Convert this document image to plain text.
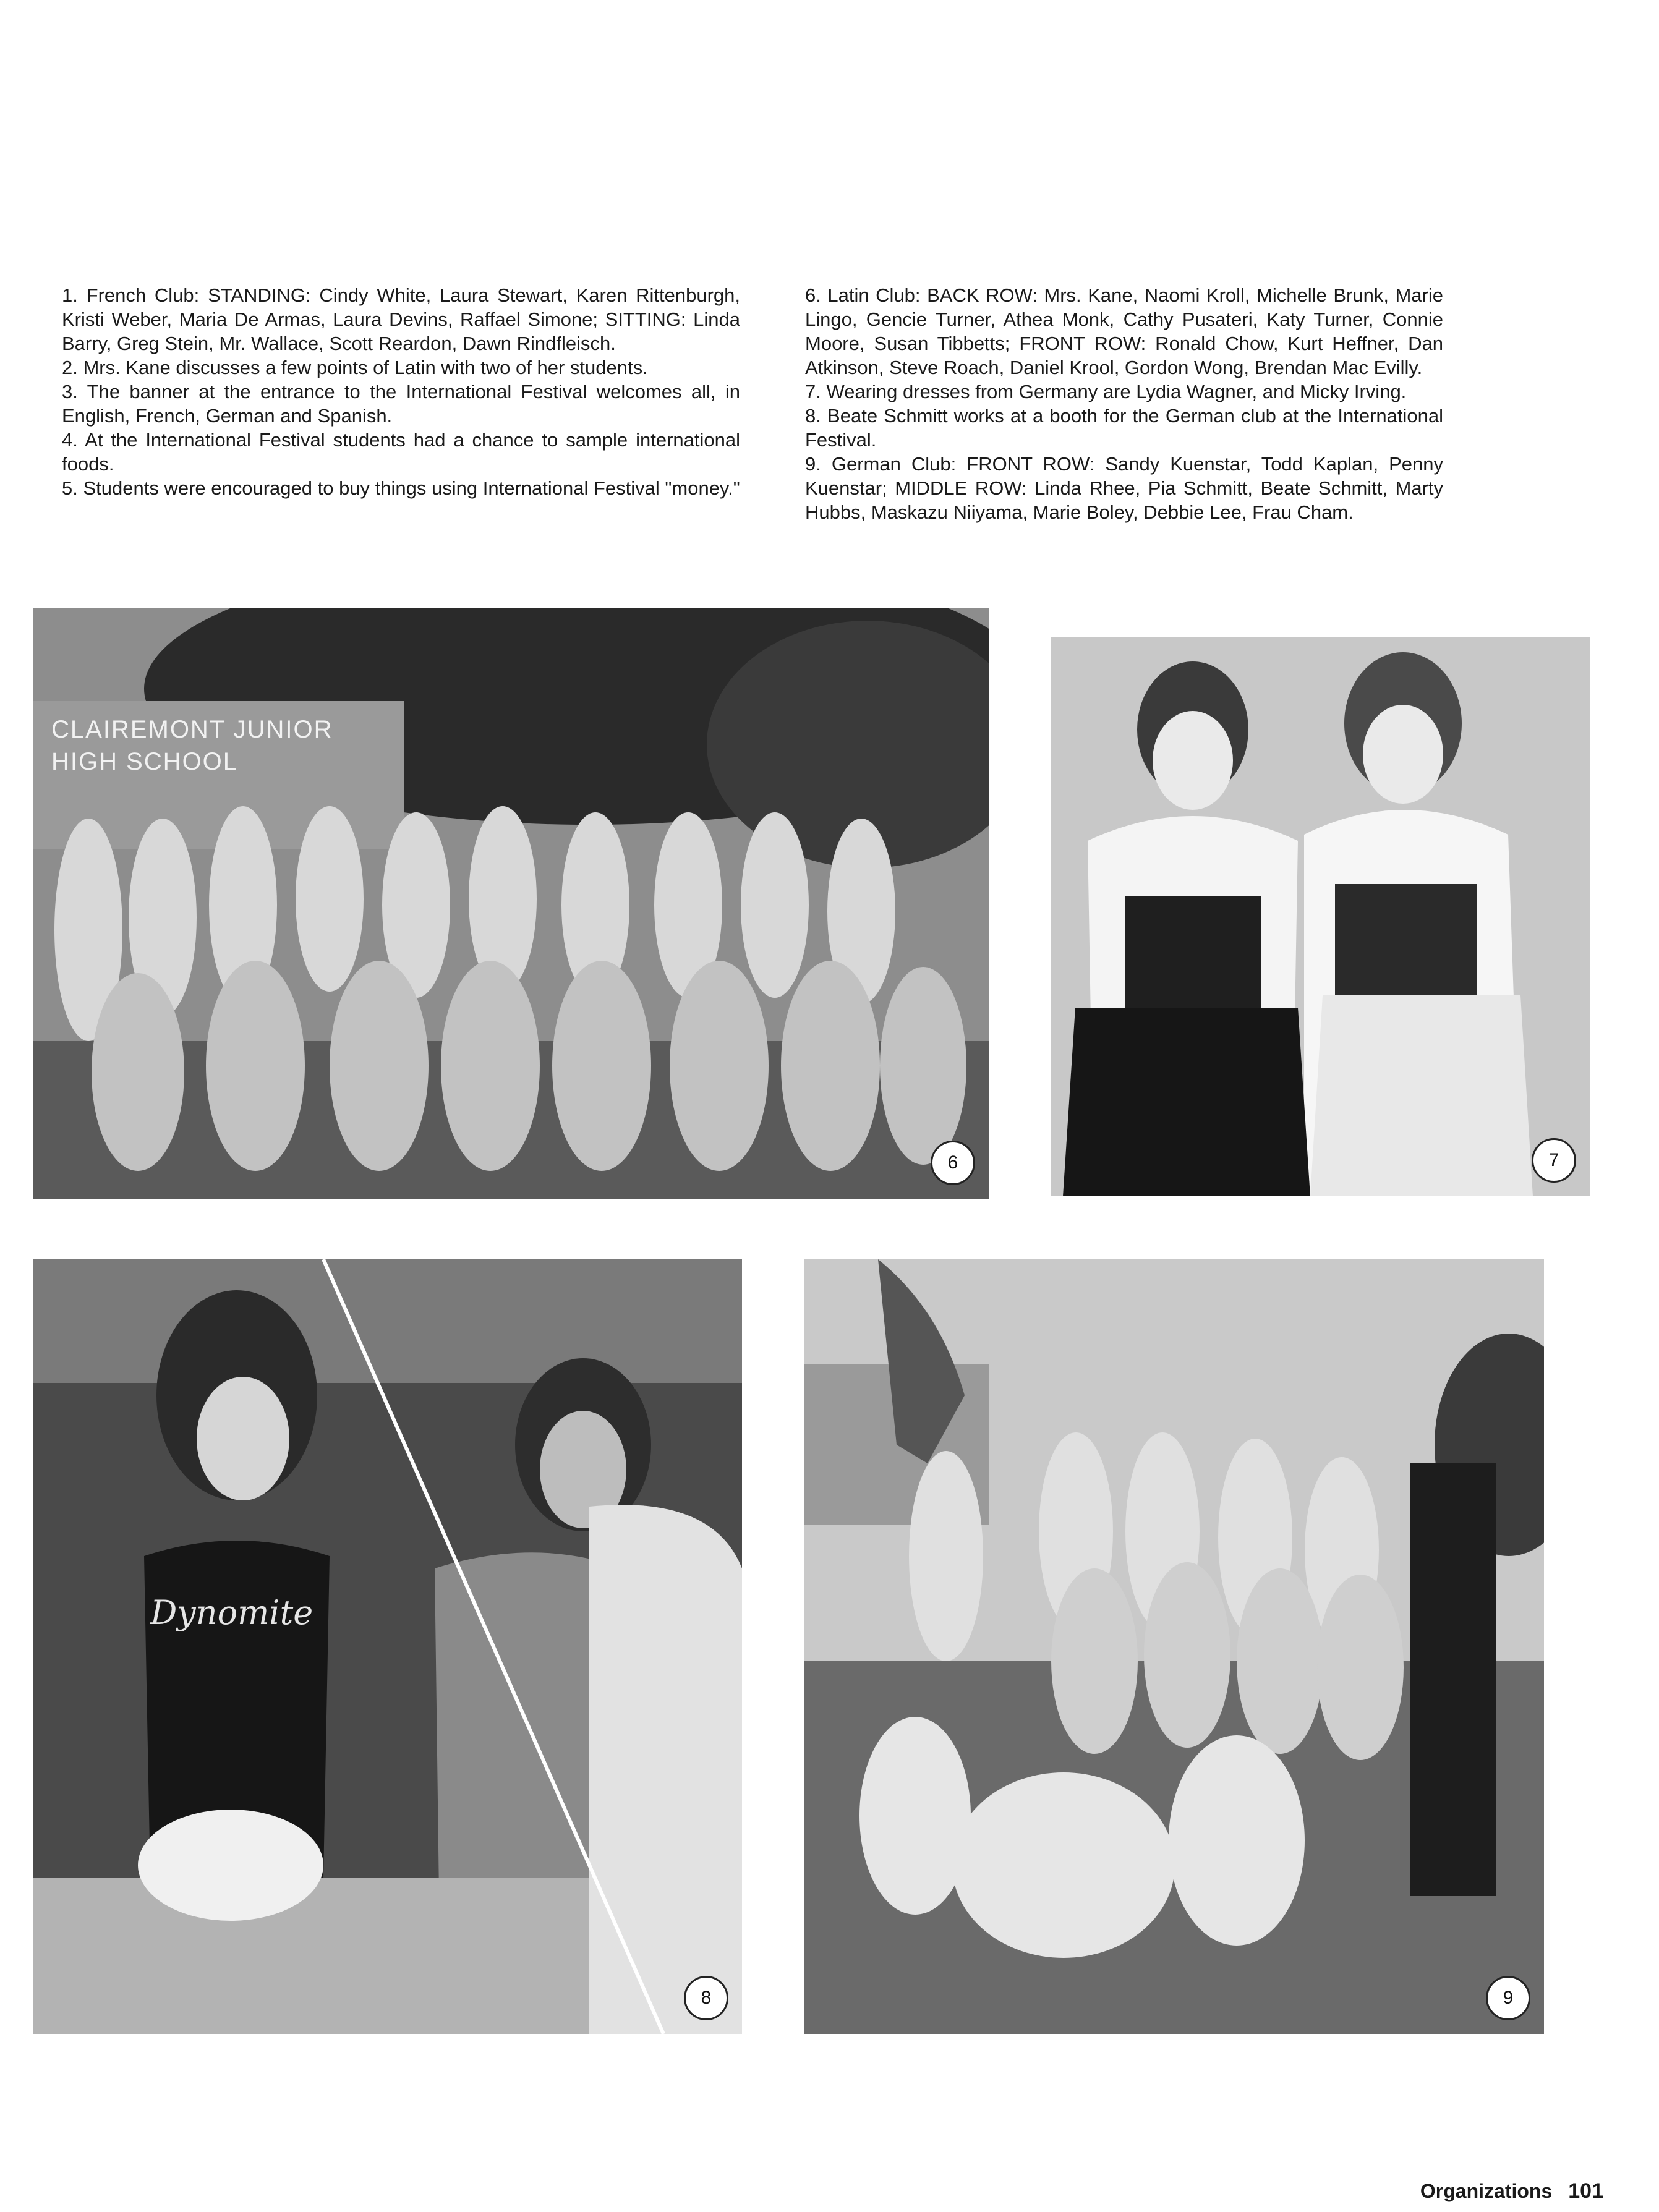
1. French Club: STANDING: Cindy White, Laura Stewart, Karen Rittenburgh, Kristi Weber, Maria De Armas, Laura Devins, Raffael Simone; SITTING: Linda Barry, Greg Stein, Mr. Wallace, Scott Reardon, Dawn Rindfleisch.

2. Mrs. Kane discusses a few points of Latin with two of her students.

3. The banner at the entrance to the International Festival welcomes all, in English, French, German and Spanish.

4. At the International Festival students had a chance to sample international foods.

5. Students were encouraged to buy things using International Festival "money."

6. Latin Club: BACK ROW: Mrs. Kane, Naomi Kroll, Michelle Brunk, Marie Lingo, Gencie Turner, Athea Monk, Cathy Pusateri, Katy Turner, Connie Moore, Susan Tibbetts; FRONT ROW: Ronald Chow, Kurt Heffner, Dan Atkinson, Steve Roach, Daniel Krool, Gordon Wong, Brendan Mac Evilly.

7. Wearing dresses from Germany are Lydia Wagner, and Micky Irving.

8. Beate Schmitt works at a booth for the German club at the International Festival.

9. German Club: FRONT ROW: Sandy Kuenstar, Todd Kaplan, Penny Kuenstar; MIDDLE ROW: Linda Rhee, Pia Schmitt, Beate Schmitt, Marty Hubbs, Maskazu Niiyama, Marie Boley, Debbie Lee, Frau Cham.

CLAIREMONT JUNIOR HIGH SCHOOL
6	7
Dynomite
8	9
Organizations 101
